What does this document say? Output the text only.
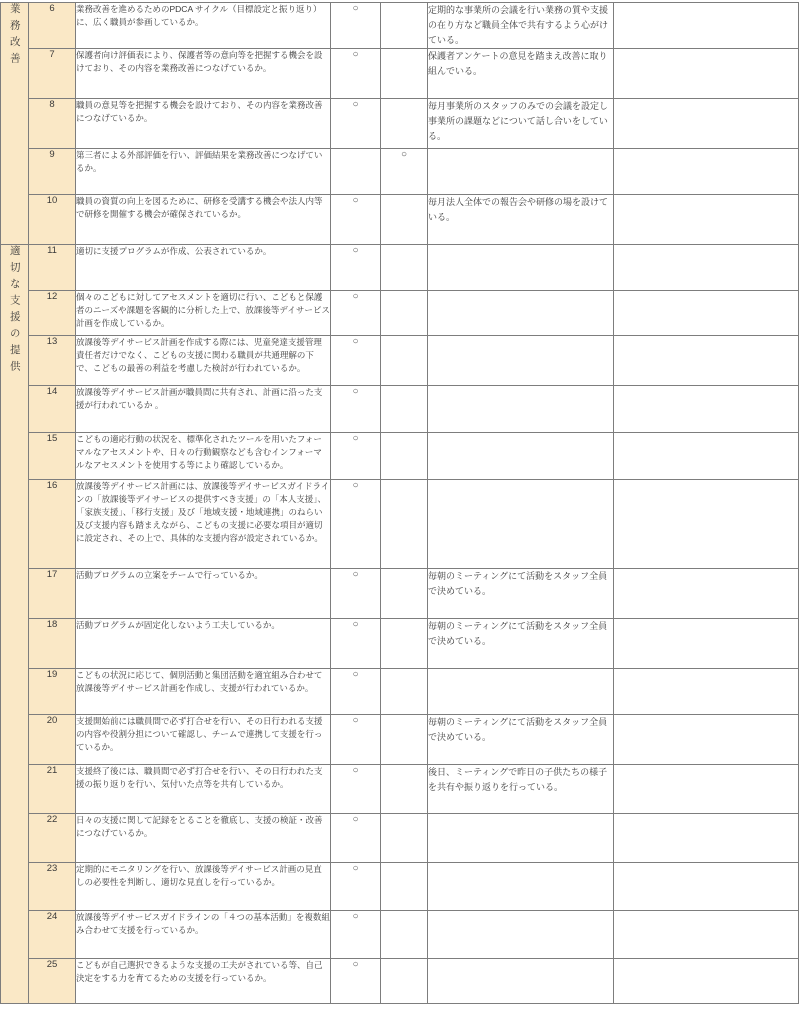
業務改善	6	業務改善を進めるためのPDCA サイクル（目標設定と振り返り）に、広く職員が参画しているか。	○		定期的な事業所の会議を行い業務の質や支援の在り方など職員全体で共有するよう心がけている。	
	7	保護者向け評価表により、保護者等の意向等を把握する機会を設けており、その内容を業務改善につなげているか。	○		保護者アンケートの意見を踏まえ改善に取り組んでいる。	
	8	職員の意見等を把握する機会を設けており、その内容を業務改善につなげているか。	○		毎月事業所のスタッフのみでの会議を設定し事業所の課題などについて話し合いをしている。	
	9	第三者による外部評価を行い、評価結果を業務改善につなげているか。		○		
	10	職員の資質の向上を図るために、研修を受講する機会や法人内等で研修を開催する機会が確保されているか。	○		毎月法人全体での報告会や研修の場を設けている。	
適切な支援の提供	11	適切に支援プログラムが作成、公表されているか。	○			
	12	個々のこどもに対してアセスメントを適切に行い、こどもと保護者のニーズや課題を客観的に分析した上で、放課後等デイサービス計画を作成しているか。	○			
	13	放課後等デイサービス計画を作成する際には、児童発達支援管理責任者だけでなく、こどもの支援に関わる職員が共通理解の下で、こどもの最善の利益を考慮した検討が行われているか。	○			
	14	放課後等デイサービス計画が職員間に共有され、計画に沿った支援が行われているか 。	○			
	15	こどもの適応行動の状況を、標準化されたツールを用いたフォーマルなアセスメントや、日々の行動観察なども含むインフォーマルなアセスメントを使用する等により確認しているか。	○			
	16	放課後等デイサービス計画には、放課後等デイサービスガイドラインの「放課後等デイサービスの提供すべき支援」の「本人支援」、「家族支援」、「移行支援」及び「地域支援・地域連携」のねらい及び支援内容も踏まえながら、こどもの支援に必要な項目が適切に設定され、その上で、具体的な支援内容が設定されているか。	○			
	17	活動プログラムの立案をチームで行っているか。	○		毎朝のミーティングにて活動をスタッフ全員で決めている。	
	18	活動プログラムが固定化しないよう工夫しているか。	○		毎朝のミーティングにて活動をスタッフ全員で決めている。	
	19	こどもの状況に応じて、個別活動と集団活動を適宜組み合わせて放課後等デイサービス計画を作成し、支援が行われているか。	○			
	20	支援開始前には職員間で必ず打合せを行い、その日行われる支援の内容や役割分担について確認し、チームで連携して支援を行っているか。	○		毎朝のミーティングにて活動をスタッフ全員で決めている。	
	21	支援終了後には、職員間で必ず打合せを行い、その日行われた支援の振り返りを行い、気付いた点等を共有しているか。	○		後日、ミーティングで昨日の子供たちの様子を共有や振り返りを行っている。	
	22	日々の支援に関して記録をとることを徹底し、支援の検証・改善につなげているか。	○			
	23	定期的にモニタリングを行い、放課後等デイサービス計画の見直しの必要性を判断し、適切な見直しを行っているか。	○			
	24	放課後等デイサービスガイドラインの「４つの基本活動」を複数組み合わせて支援を行っているか。	○			
	25	こどもが自己選択できるような支援の工夫がされている等、自己決定をする力を育てるための支援を行っているか。	○			
